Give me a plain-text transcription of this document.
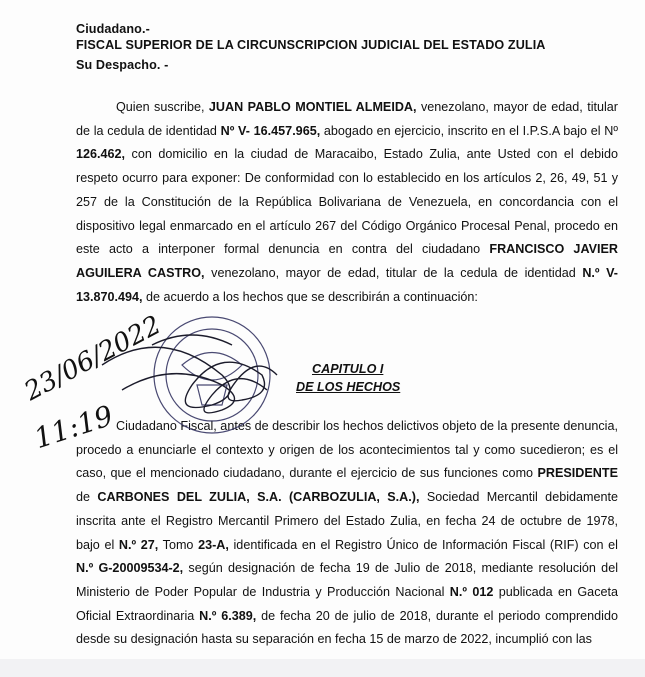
Ciudadano.-
FISCAL SUPERIOR DE LA CIRCUNSCRIPCION JUDICIAL DEL ESTADO ZULIA
Su Despacho. -
Quien suscribe, JUAN PABLO MONTIEL ALMEIDA, venezolano, mayor de edad, titular de la cedula de identidad Nº V- 16.457.965, abogado en ejercicio, inscrito en el I.P.S.A bajo el Nº 126.462, con domicilio en la ciudad de Maracaibo, Estado Zulia, ante Usted con el debido respeto ocurro para exponer: De conformidad con lo establecido en los artículos 2, 26, 49, 51 y 257 de la Constitución de la República Bolivariana de Venezuela, en concordancia con el dispositivo legal enmarcado en el artículo 267 del Código Orgánico Procesal Penal, procedo en este acto a interponer formal denuncia en contra del ciudadano FRANCISCO JAVIER AGUILERA CASTRO, venezolano, mayor de edad, titular de la cedula de identidad N.º V- 13.870.494, de acuerdo a los hechos que se describirán a continuación:
CAPITULO I
DE LOS HECHOS
Ciudadano Fiscal, antes de describir los hechos delictivos objeto de la presente denuncia, procedo a enunciarle el contexto y origen de los acontecimientos tal y como sucedieron; es el caso, que el mencionado ciudadano, durante el ejercicio de sus funciones como PRESIDENTE de CARBONES DEL ZULIA, S.A. (CARBOZULIA, S.A.), Sociedad Mercantil debidamente inscrita ante el Registro Mercantil Primero del Estado Zulia, en fecha 24 de octubre de 1978, bajo el N.º 27, Tomo 23-A, identificada en el Registro Único de Información Fiscal (RIF) con el N.º G-20009534-2, según designación de fecha 19 de Julio de 2018, mediante resolución del Ministerio de Poder Popular de Industria y Producción Nacional N.º 012 publicada en Gaceta Oficial Extraordinaria N.º 6.389, de fecha 20 de julio de 2018, durante el periodo comprendido desde su designación hasta su separación en fecha 15 de marzo de 2022, incumplió con las
23/06/2022
11:19
